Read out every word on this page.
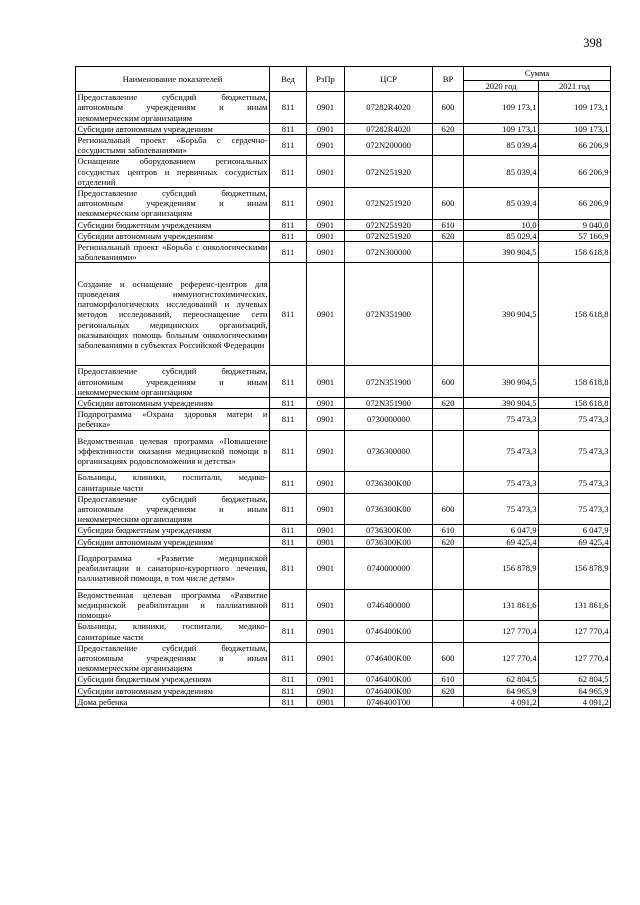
398
Наименование показателей	Вед	РзПр	ЦСР	ВР	Сумма	
					2020 год	2021 год
Предоставление субсидий бюджетным, автономным учреждениям и иным некоммерческим организациям	811	0901	07282R4020	600	109 173,1	109 173,1
Субсидии автономным учреждениям	811	0901	07282R4020	620	109 173,1	109 173,1
Региональный проект «Борьба с сердечно-сосудистыми заболеваниями»	811	0901	072N200000		85 039,4	66 206,9
Оснащение оборудованием региональных сосудистых центров и первичных сосудистых отделений	811	0901	072N251920		85 039,4	66 206,9
Предоставление субсидий бюджетным, автономным учреждениям и иным некоммерческим организациям	811	0901	072N251920	600	85 039,4	66 206,9
Субсидии бюджетным учреждениям	811	0901	072N251920	610	10,0	9 040,0
Субсидии автономным учреждениям	811	0901	072N251920	620	85 029,4	57 166,9
Региональный проект «Борьба с онкологическими заболеваниями»	811	0901	072N300000		390 904,5	158 618,8
Создание и оснащение референс-центров для проведения иммуногистохимических, патоморфологических исследований и лучевых методов исследований, переоснащение сети региональных медицинских организаций, оказывающих помощь больным онкологическими заболеваниями в субъектах Российской Федерации	811	0901	072N351900		390 904,5	158 618,8
Предоставление субсидий бюджетным, автономным учреждениям и иным некоммерческим организациям	811	0901	072N351900	600	390 904,5	158 618,8
Субсидии автономным учреждениям	811	0901	072N351900	620	390 904,5	158 618,8
Подпрограмма «Охрана здоровья матери и ребенка»	811	0901	0730000000		75 473,3	75 473,3
Ведомственная целевая программа «Повышение эффективности оказания медицинской помощи в организациях родовспоможения и детства»	811	0901	0736300000		75 473,3	75 473,3
Больницы, клиники, госпитали, медико-санитарные части	811	0901	0736300K00		75 473,3	75 473,3
Предоставление субсидий бюджетным, автономным учреждениям и иным некоммерческим организациям	811	0901	0736300K00	600	75 473,3	75 473,3
Субсидии бюджетным учреждениям	811	0901	0736300K00	610	6 047,9	6 047,9
Субсидии автономным учреждениям	811	0901	0736300K00	620	69 425,4	69 425,4
Подпрограмма «Развитие медицинской реабилитации и санаторно-курортного лечения, паллиативной помощи, в том числе детям»	811	0901	0740000000		156 878,9	156 878,9
Ведомственная целевая программа «Развитие медицинской реабилитации и паллиативной помощи»	811	0901	0746400000		131 861,6	131 861,6
Больницы, клиники, госпитали, медико-санитарные части	811	0901	0746400K00		127 770,4	127 770,4
Предоставление субсидий бюджетным, автономным учреждениям и иным некоммерческим организациям	811	0901	0746400K00	600	127 770,4	127 770,4
Субсидии бюджетным учреждениям	811	0901	0746400K00	610	62 804,5	62 804,5
Субсидии автономным учреждениям	811	0901	0746400K00	620	64 965,9	64 965,9
Дома ребенка	811	0901	0746400T00		4 091,2	4 091,2
